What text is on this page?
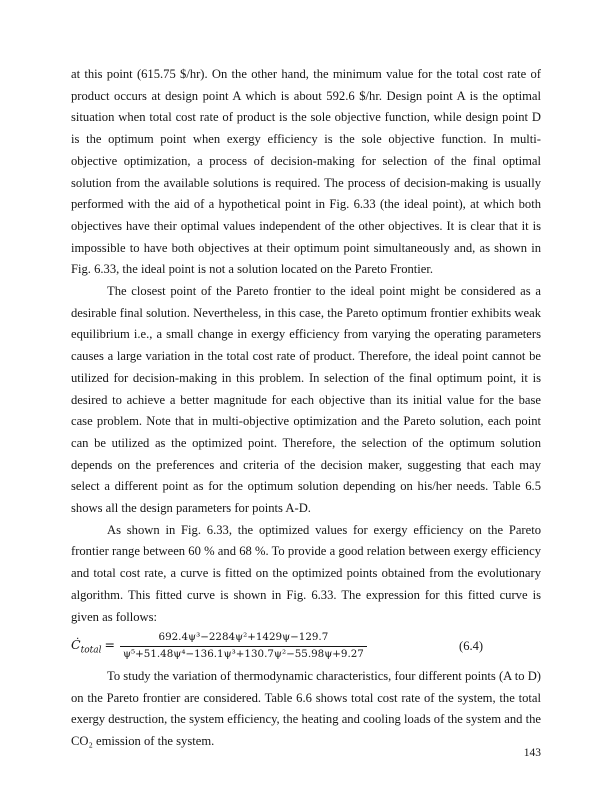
at this point (615.75 $/hr). On the other hand, the minimum value for the total cost rate of product occurs at design point A which is about 592.6 $/hr. Design point A is the optimal situation when total cost rate of product is the sole objective function, while design point D is the optimum point when exergy efficiency is the sole objective function. In multi-objective optimization, a process of decision-making for selection of the final optimal solution from the available solutions is required. The process of decision-making is usually performed with the aid of a hypothetical point in Fig. 6.33 (the ideal point), at which both objectives have their optimal values independent of the other objectives. It is clear that it is impossible to have both objectives at their optimum point simultaneously and, as shown in Fig. 6.33, the ideal point is not a solution located on the Pareto Frontier.

The closest point of the Pareto frontier to the ideal point might be considered as a desirable final solution. Nevertheless, in this case, the Pareto optimum frontier exhibits weak equilibrium i.e., a small change in exergy efficiency from varying the operating parameters causes a large variation in the total cost rate of product. Therefore, the ideal point cannot be utilized for decision-making in this problem. In selection of the final optimum point, it is desired to achieve a better magnitude for each objective than its initial value for the base case problem. Note that in multi-objective optimization and the Pareto solution, each point can be utilized as the optimized point. Therefore, the selection of the optimum solution depends on the preferences and criteria of the decision maker, suggesting that each may select a different point as for the optimum solution depending on his/her needs. Table 6.5 shows all the design parameters for points A-D.

As shown in Fig. 6.33, the optimized values for exergy efficiency on the Pareto frontier range between 60 % and 68 %. To provide a good relation between exergy efficiency and total cost rate, a curve is fitted on the optimized points obtained from the evolutionary algorithm. This fitted curve is shown in Fig. 6.33. The expression for this fitted curve is given as follows:

$Ċ_{total} = \frac{\text{692.4ψ³−2284ψ²+1429ψ−129.7}}{\text{ψ⁵+51.48ψ⁴−136.1ψ³+130.7ψ²−55.98ψ+9.27}}$	(6.4)

To study the variation of thermodynamic characteristics, four different points (A to D) on the Pareto frontier are considered. Table 6.6 shows total cost rate of the system, the total exergy destruction, the system efficiency, the heating and cooling loads of the system and the CO₂ emission of the system.

143
